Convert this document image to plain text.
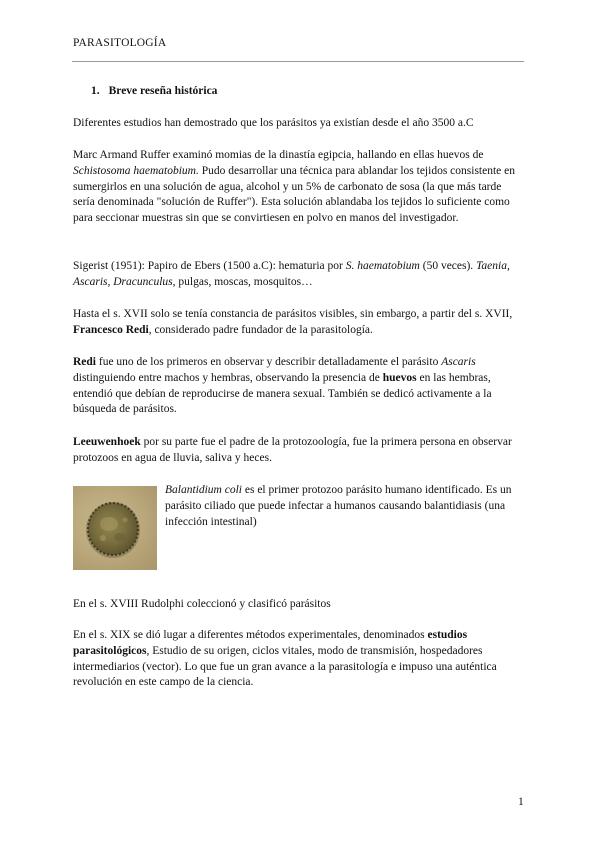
PARASITOLOGÍA
1. Breve reseña histórica

Diferentes estudios han demostrado que los parásitos ya existían desde el año 3500 a.C

Marc Armand Ruffer examinó momias de la dinastía egipcia, hallando en ellas huevos de Schistosoma haematobium. Pudo desarrollar una técnica para ablandar los tejidos consistente en sumergirlos en una solución de agua, alcohol y un 5% de carbonato de sosa (la que más tarde sería denominada "solución de Ruffer"). Esta solución ablandaba los tejidos lo suficiente como para seccionar muestras sin que se convirtiesen en polvo en manos del investigador.

Sigerist (1951): Papiro de Ebers (1500 a.C): hematuria por S. haematobium (50 veces). Taenia, Ascaris, Dracunculus, pulgas, moscas, mosquitos…

Hasta el s. XVII solo se tenía constancia de parásitos visibles, sin embargo, a partir del s. XVII, Francesco Redi, considerado padre fundador de la parasitología.

Redi fue uno de los primeros en observar y describir detalladamente el parásito Ascaris distinguiendo entre machos y hembras, observando la presencia de huevos en las hembras, entendió que debían de reproducirse de manera sexual. También se dedicó activamente a la búsqueda de parásitos.

Leeuwenhoek por su parte fue el padre de la protozoología, fue la primera persona en observar protozoos en agua de lluvia, saliva y heces.

Balantidium coli es el primer protozoo parásito humano identificado. Es un parásito ciliado que puede infectar a humanos causando balantidiasis (una infección intestinal)

En el s. XVIII Rudolphi coleccionó y clasificó parásitos

En el s. XIX se dió lugar a diferentes métodos experimentales, denominados estudios parasitológicos, Estudio de su origen, ciclos vitales, modo de transmisión, hospedadores intermediarios (vector). Lo que fue un gran avance a la parasitología e impuso una auténtica revolución en este campo de la ciencia.

1
